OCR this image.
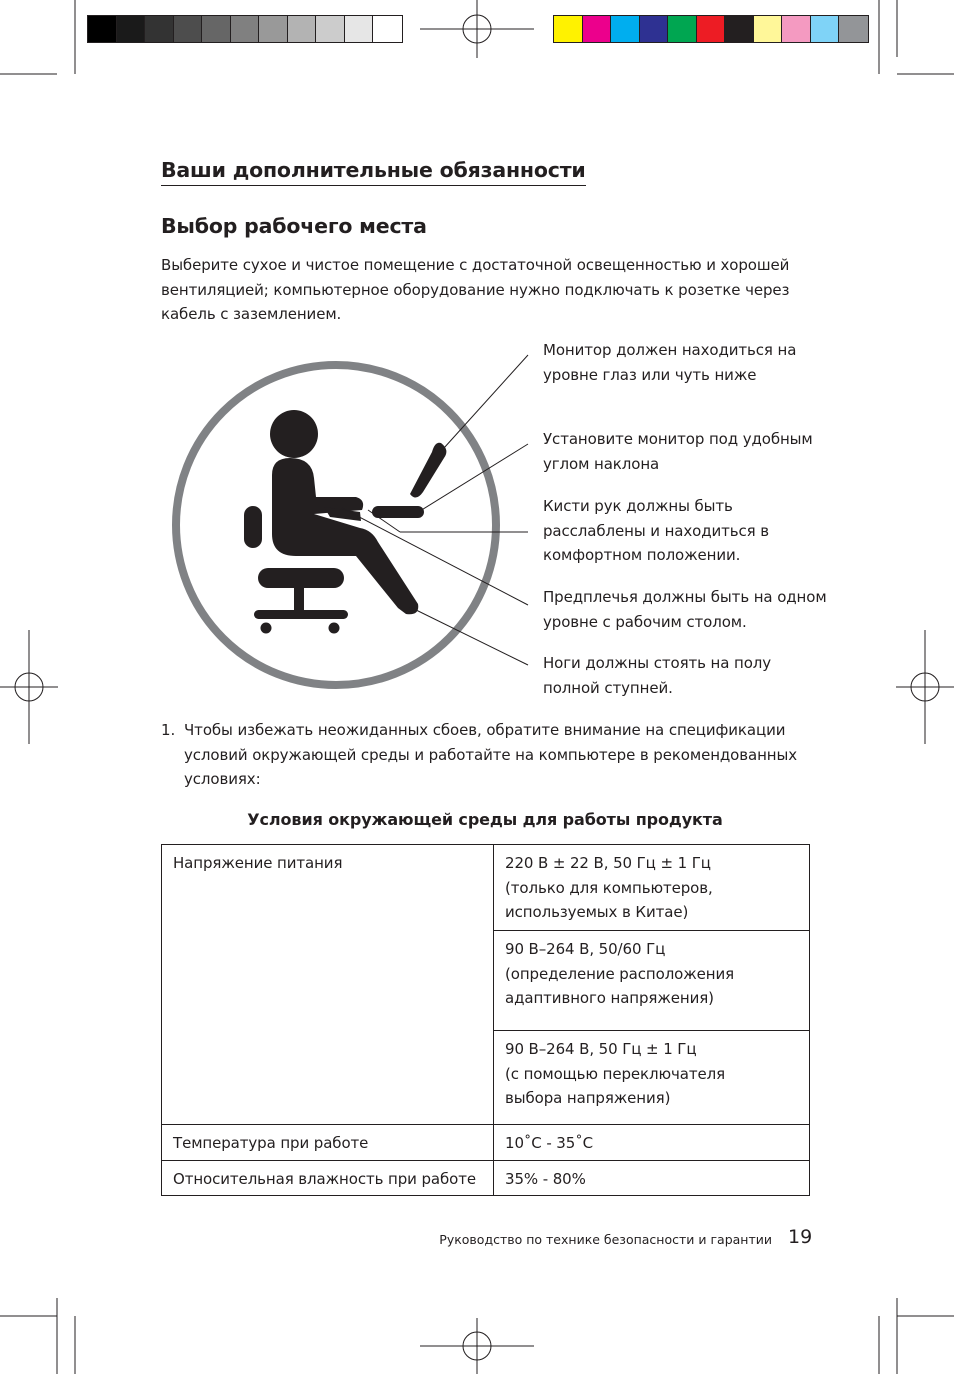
Ваши дополнительные обязанности
Выбор рабочего места
Выберите сухое и чистое помещение с достаточной освещенностью и хорошей вентиляцией; компьютерное оборудование нужно подключать к розетке через кабель с заземлением.
Монитор должен находиться на уровне глаз или чуть ниже
Установите монитор под удобным углом наклона
Кисти рук должны быть расслаблены и находиться в комфортном положении.
Предплечья должны быть на одном уровне с рабочим столом.
Ноги должны стоять на полу полной ступней.
1. Чтобы избежать неожиданных сбоев, обратите внимание на спецификации условий окружающей среды и работайте на компьютере в рекомендованных условиях:
Условия окружающей среды для работы продукта
Напряжение питания	220 В ± 22 В, 50 Гц ± 1 Гц
(только для компьютеров,
используемых в Китае)

	90 В–264 В, 50/60 Гц
(определение расположения
адаптивного напряжения)

	90 В–264 В, 50 Гц ± 1 Гц
(с помощью переключателя
выбора напряжения)

Температура при работе	10˚С - 35˚С
Относительная влажность при работе	35% - 80%
Руководство по технике безопасности и гарантии 19
